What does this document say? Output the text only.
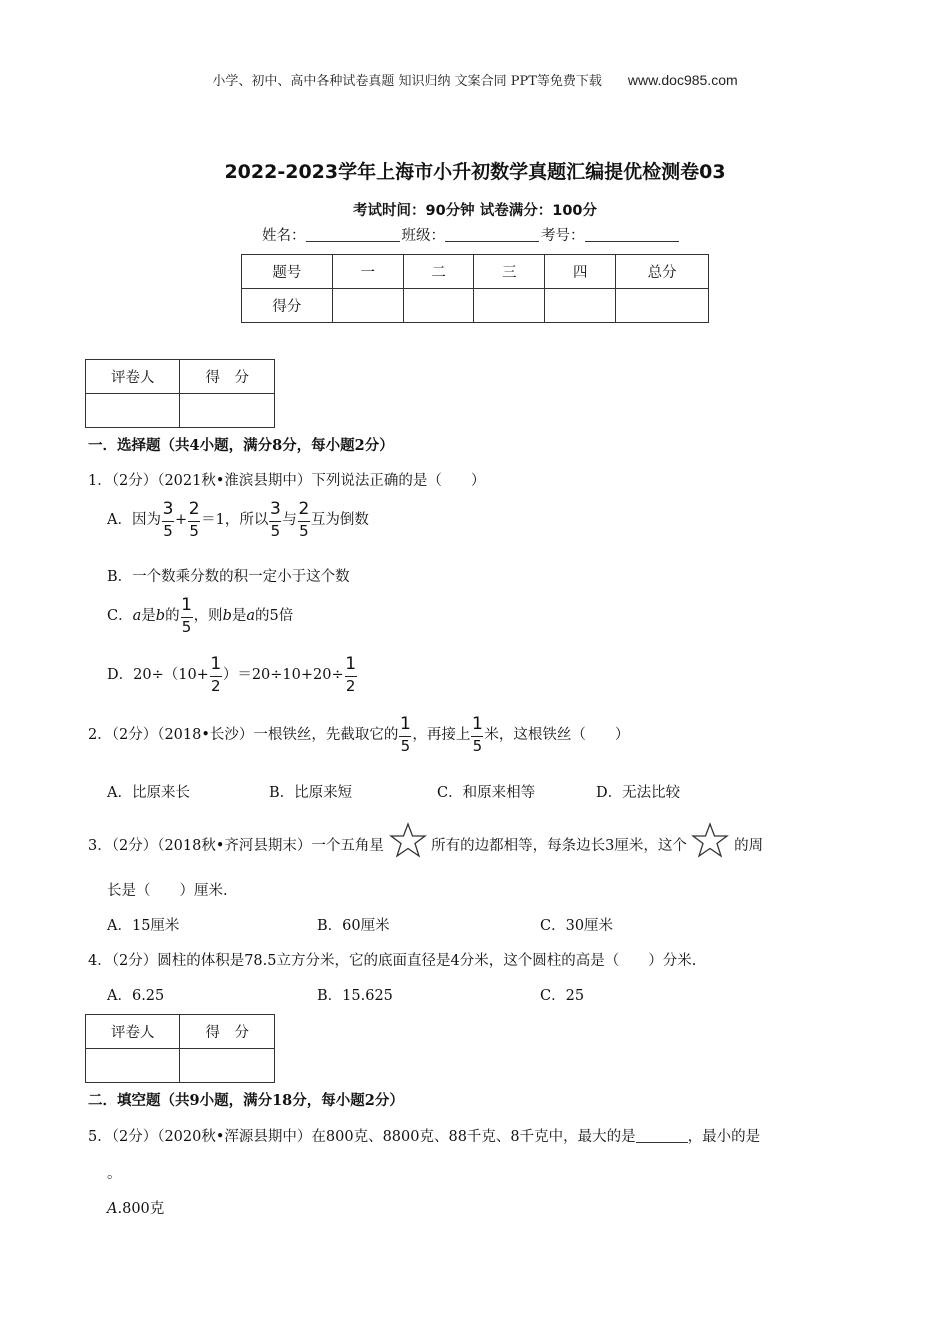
小学、初中、高中各种试卷真题 知识归纳 文案合同 PPT等免费下载 www.doc985.com
2022-2023学年上海市小升初数学真题汇编提优检测卷03
考试时间：90分钟 试卷满分：100分
姓名：	班级：	考号：
题号	一	二	三	四	总分
得分					
评卷人	得　分

一．选择题（共4小题，满分8分，每小题2分）
1．（2分）（2021秋•淮滨县期中）下列说法正确的是（　　）
A．因为 $\frac{3}{5} + \frac{2}{5} =1$，所以 $\frac{3}{5}$ 与 $\frac{2}{5}$ 互为倒数
B．一个数乘分数的积一定小于这个数
C．a是b的 $\frac{1}{5}$ ，则b是a的5倍
D．$20\div(10+ \frac{1}{2} )=20\div 10+20\div \frac{1}{2}$
2．（2分）（2018•长沙）一根铁丝，先截取它的 $\frac{1}{5}$ ，再接上 $\frac{1}{5}$ 米，这根铁丝（　　）
A．比原来长	B．比原来短	C．和原来相等	D．无法比较
3．（2分）（2018秋•齐河县期末）一个五角星	所有的边都相等，每条边长3厘米，这个	的周
长是（　　）厘米.
A．15厘米	B．60厘米	C．30厘米
4．（2分）圆柱的体积是78.5立方分米，它的底面直径是4分米，这个圆柱的高是（　　）分米.
A．6.25	B．15.625	C．25
评卷人	得　分

二．填空题（共9小题，满分18分，每小题2分）
5．（2分）（2020秋•浑源县期中）在800克、8800克、88千克、8千克中，最大的是	，最小的是
。
A.800克
